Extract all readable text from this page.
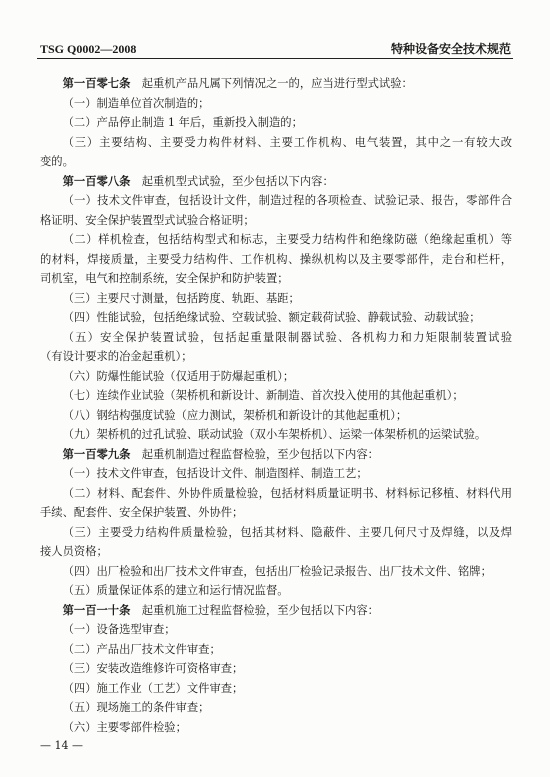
TSG Q0002—2008	特种设备安全技术规范
第一百零七条 起重机产品凡属下列情况之一的，应当进行型式试验：
（一）制造单位首次制造的；
（二）产品停止制造 1 年后，重新投入制造的；
（三）主要结构、主要受力构件材料、主要工作机构、电气装置，其中之一有较大改
变的。
第一百零八条 起重机型式试验，至少包括以下内容：
（一）技术文件审查，包括设计文件，制造过程的各项检查、试验记录、报告，零部件合
格证明、安全保护装置型式试验合格证明；
（二）样机检查，包括结构型式和标志，主要受力结构件和绝缘防磁（绝缘起重机）等
的材料，焊接质量，主要受力结构件、工作机构、操纵机构以及主要零部件，走台和栏杆，
司机室，电气和控制系统，安全保护和防护装置；
（三）主要尺寸测量，包括跨度、轨距、基距；
（四）性能试验，包括绝缘试验、空载试验、额定载荷试验、静载试验、动载试验；
（五）安全保护装置试验，包括起重量限制器试验、各机构力和力矩限制装置试验
（有设计要求的冶金起重机）；
（六）防爆性能试验（仅适用于防爆起重机）；
（七）连续作业试验（架桥机和新设计、新制造、首次投入使用的其他起重机）；
（八）钢结构强度试验（应力测试，架桥机和新设计的其他起重机）；
（九）架桥机的过孔试验、联动试验（双小车架桥机）、运梁一体架桥机的运梁试验。
第一百零九条 起重机制造过程监督检验，至少包括以下内容：
（一）技术文件审查，包括设计文件、制造图样、制造工艺；
（二）材料、配套件、外协件质量检验，包括材料质量证明书、材料标记移植、材料代用
手续、配套件、安全保护装置、外协件；
（三）主要受力结构件质量检验，包括其材料、隐蔽件、主要几何尺寸及焊缝，以及焊
接人员资格；
（四）出厂检验和出厂技术文件审查，包括出厂检验记录报告、出厂技术文件、铭牌；
（五）质量保证体系的建立和运行情况监督。
第一百一十条 起重机施工过程监督检验，至少包括以下内容：
（一）设备选型审查；
（二）产品出厂技术文件审查；
（三）安装改造维修许可资格审查；
（四）施工作业（工艺）文件审查；
（五）现场施工的条件审查；
（六）主要零部件检验；
— 14 —
